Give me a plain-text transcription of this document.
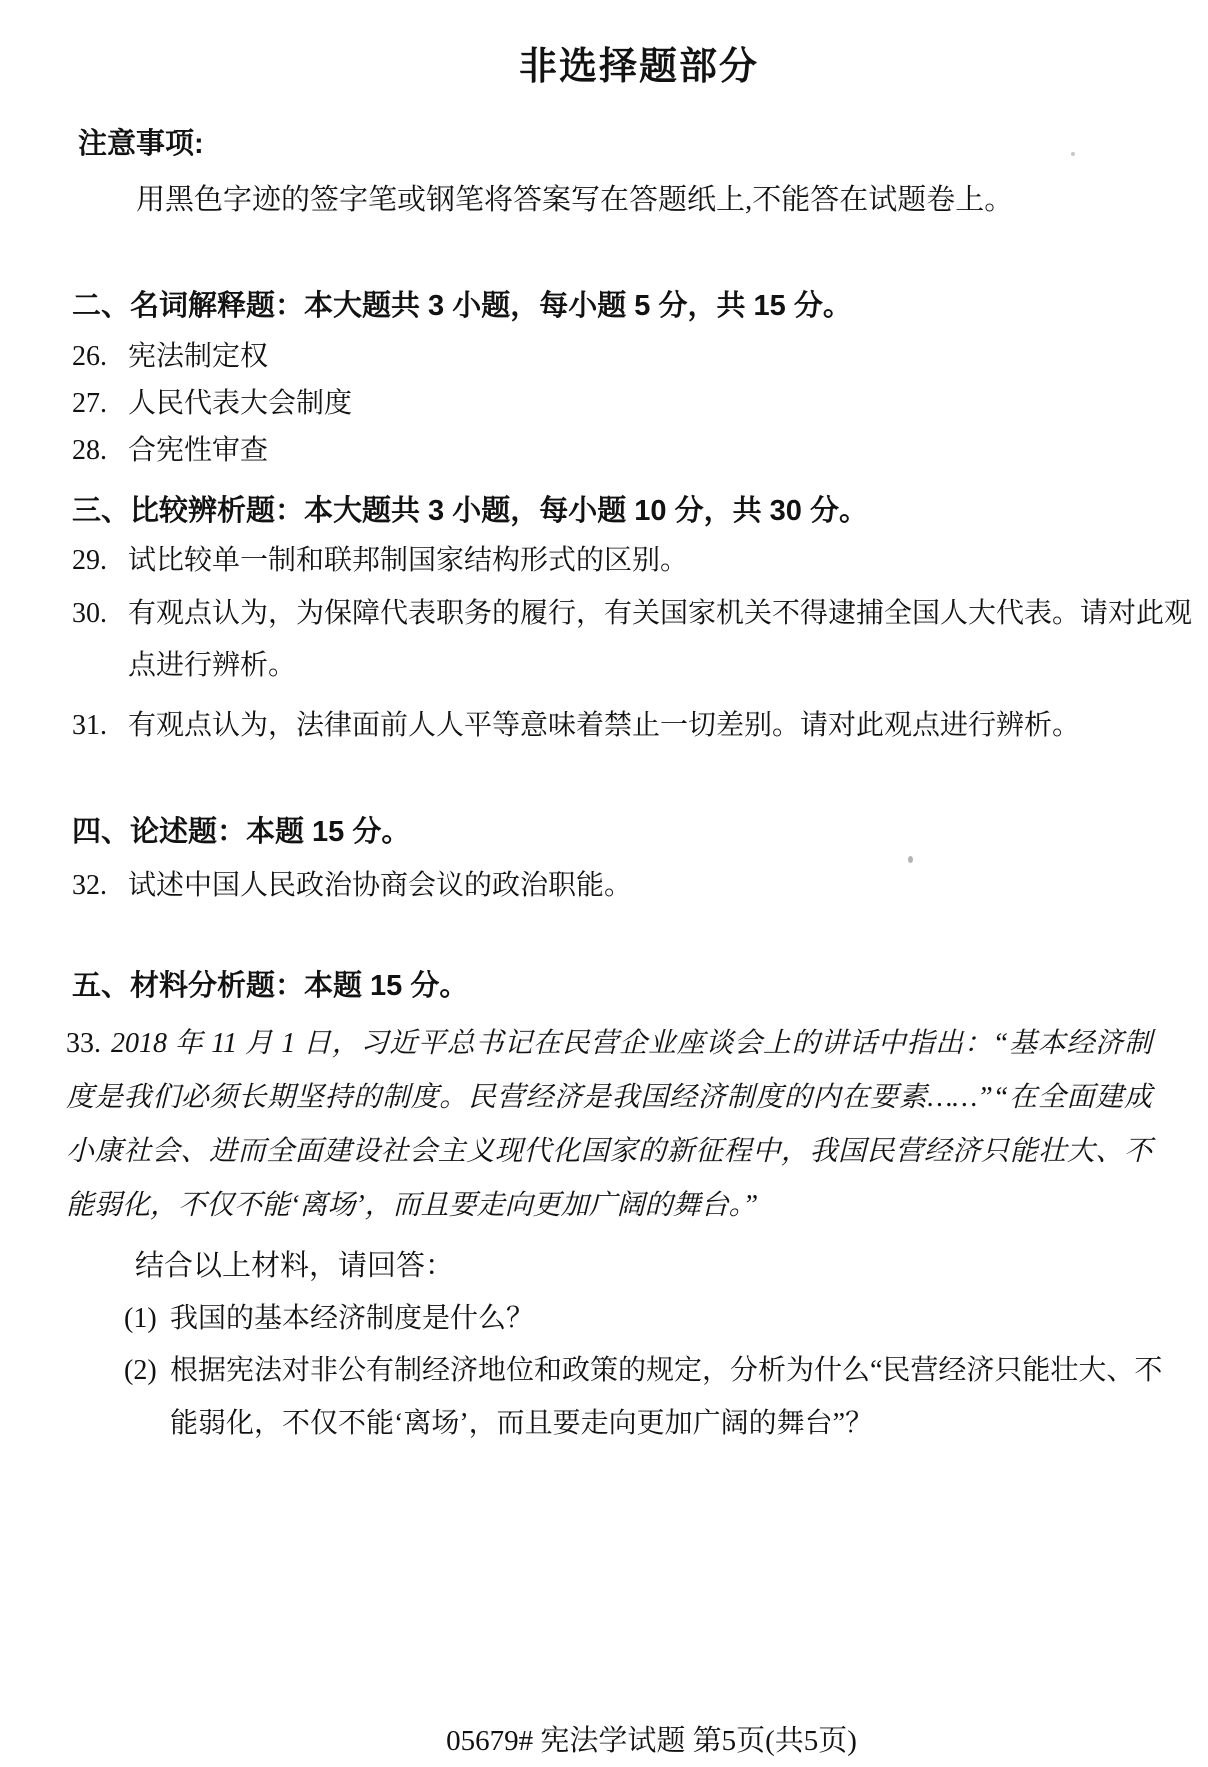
非选择题部分
注意事项:
用黑色字迹的签字笔或钢笔将答案写在答题纸上,不能答在试题卷上。
二、名词解释题：本大题共 3 小题，每小题 5 分，共 15 分。
26. 宪法制定权
27. 人民代表大会制度
28. 合宪性审查
三、比较辨析题：本大题共 3 小题，每小题 10 分，共 30 分。
29. 试比较单一制和联邦制国家结构形式的区别。
30. 有观点认为，为保障代表职务的履行，有关国家机关不得逮捕全国人大代表。请对此观点进行辨析。
31. 有观点认为，法律面前人人平等意味着禁止一切差别。请对此观点进行辨析。
四、论述题：本题 15 分。
32. 试述中国人民政治协商会议的政治职能。
五、材料分析题：本题 15 分。
33. 2018 年 11 月 1 日，习近平总书记在民营企业座谈会上的讲话中指出：“基本经济制度是我们必须长期坚持的制度。民营经济是我国经济制度的内在要素……”“在全面建成小康社会、进而全面建设社会主义现代化国家的新征程中，我国民营经济只能壮大、不能弱化，不仅不能‘离场’，而且要走向更加广阔的舞台。”
结合以上材料，请回答：
(1) 我国的基本经济制度是什么？
(2) 根据宪法对非公有制经济地位和政策的规定，分析为什么“民营经济只能壮大、不能弱化，不仅不能‘离场’，而且要走向更加广阔的舞台”？
05679# 宪法学试题 第5页(共5页)
